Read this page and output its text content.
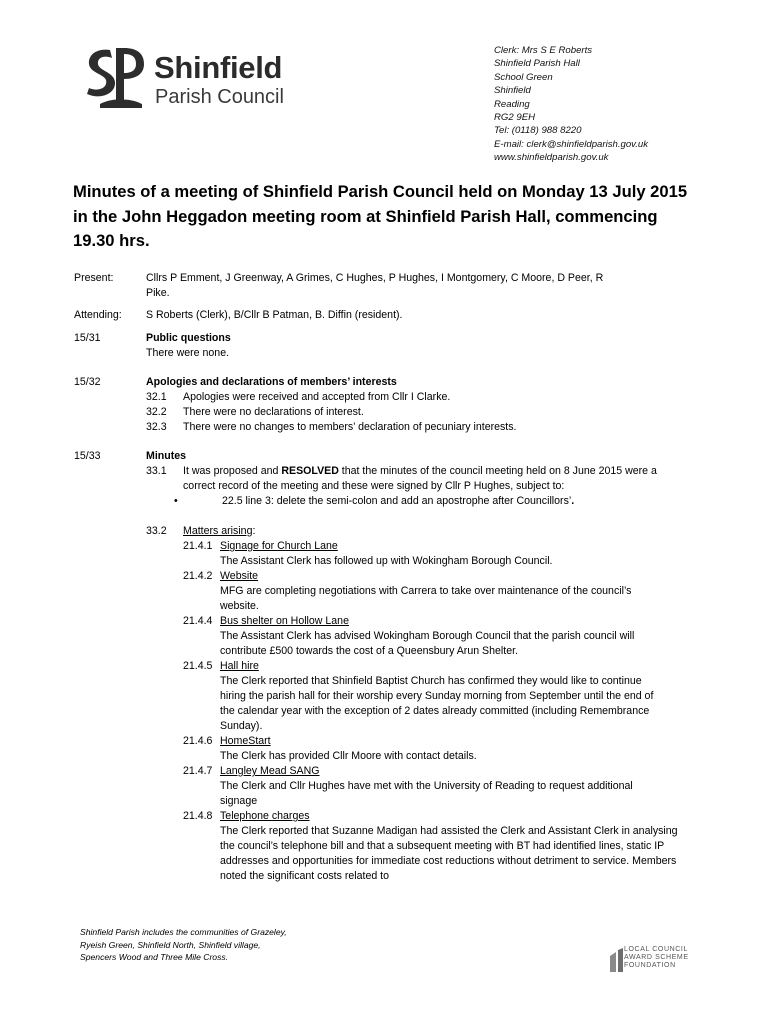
Shinfield
Parish Council
Clerk: Mrs S E Roberts
Shinfield Parish Hall
School Green
Shinfield
Reading
RG2 9EH
Tel: (0118) 988 8220
E-mail: clerk@shinfieldparish.gov.uk
www.shinfieldparish.gov.uk
Minutes of a meeting of Shinfield Parish Council held on Monday 13 July 2015 in the John Heggadon meeting room at Shinfield Parish Hall, commencing 19.30 hrs.
Present:	Cllrs P Emment, J Greenway, A Grimes, C Hughes, P Hughes, I Montgomery, C Moore, D Peer, R Pike.
Attending: S Roberts (Clerk), B/Cllr B Patman, B. Diffin (resident).
15/31	Public questions
There were none.
15/32	Apologies and declarations of members’ interests
32.1	Apologies were received and accepted from Cllr I Clarke.
32.2	There were no declarations of interest.
32.3	There were no changes to members’ declaration of pecuniary interests.
15/33	Minutes
33.1	It was proposed and RESOLVED that the minutes of the council meeting held on 8 June 2015 were a correct record of the meeting and these were signed by Cllr P Hughes, subject to:
•	22.5 line 3: delete the semi-colon and add an apostrophe after Councillors’.
33.2	Matters arising:
21.4.1 Signage for Church Lane
The Assistant Clerk has followed up with Wokingham Borough Council.
21.4.2 Website
MFG are completing negotiations with Carrera to take over maintenance of the council’s website.
21.4.4 Bus shelter on Hollow Lane
The Assistant Clerk has advised Wokingham Borough Council that the parish council will contribute £500 towards the cost of a Queensbury Arun Shelter.
21.4.5 Hall hire
The Clerk reported that Shinfield Baptist Church has confirmed they would like to continue hiring the parish hall for their worship every Sunday morning from September until the end of the calendar year with the exception of 2 dates already committed (including Remembrance Sunday).
21.4.6 HomeStart
The Clerk has provided Cllr Moore with contact details.
21.4.7 Langley Mead SANG
The Clerk and Cllr Hughes have met with the University of Reading to request additional signage
21.4.8 Telephone charges
The Clerk reported that Suzanne Madigan had assisted the Clerk and Assistant Clerk in analysing the council’s telephone bill and that a subsequent meeting with BT had identified lines, static IP addresses and opportunities for immediate cost reductions without detriment to service. Members noted the significant costs related to
Shinfield Parish includes the communities of Grazeley, Ryeish Green, Shinfield North, Shinfield village, Spencers Wood and Three Mile Cross.
LOCAL COUNCIL
AWARD SCHEME
FOUNDATION
